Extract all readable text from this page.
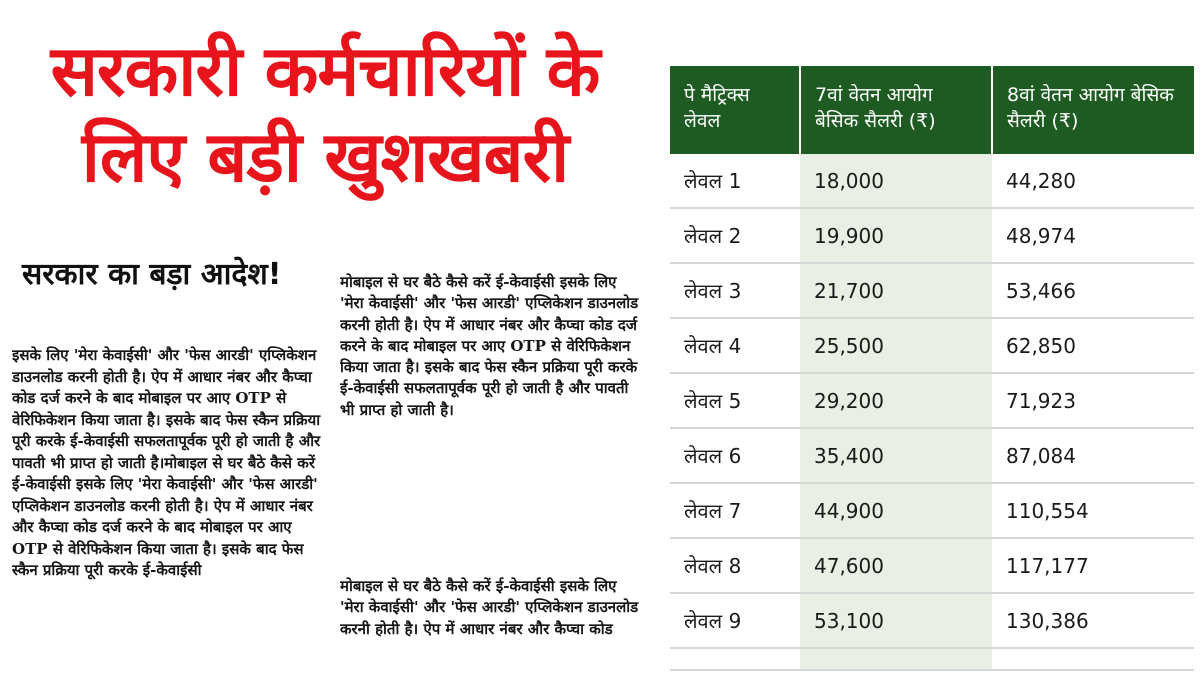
सरकारी कर्मचारियों के
लिए बड़ी खुशखबरी
सरकार का बड़ा आदेश!
इसके लिए 'मेरा केवाईसी' और 'फेस आरडी' एप्लिकेशन डाउनलोड करनी होती है। ऐप में आधार नंबर और कैप्चा कोड दर्ज करने के बाद मोबाइल पर आए OTP से वेरिफिकेशन किया जाता है। इसके बाद फेस स्कैन प्रक्रिया पूरी करके ई-केवाईसी सफलतापूर्वक पूरी हो जाती है और पावती भी प्राप्त हो जाती है।मोबाइल से घर बैठे कैसे करें ई-केवाईसी इसके लिए 'मेरा केवाईसी' और 'फेस आरडी' एप्लिकेशन डाउनलोड करनी होती है। ऐप में आधार नंबर और कैप्चा कोड दर्ज करने के बाद मोबाइल पर आए OTP से वेरिफिकेशन किया जाता है। इसके बाद फेस स्कैन प्रक्रिया पूरी करके ई-केवाईसी
मोबाइल से घर बैठे कैसे करें ई-केवाईसी इसके लिए 'मेरा केवाईसी' और 'फेस आरडी' एप्लिकेशन डाउनलोड करनी होती है। ऐप में आधार नंबर और कैप्चा कोड दर्ज करने के बाद मोबाइल पर आए OTP से वेरिफिकेशन किया जाता है। इसके बाद फेस स्कैन प्रक्रिया पूरी करके ई-केवाईसी सफलतापूर्वक पूरी हो जाती है और पावती भी प्राप्त हो जाती है।
मोबाइल से घर बैठे कैसे करें ई-केवाईसी इसके लिए 'मेरा केवाईसी' और 'फेस आरडी' एप्लिकेशन डाउनलोड करनी होती है। ऐप में आधार नंबर और कैप्चा कोड
पे मैट्रिक्स लेवल	7वां वेतन आयोग बेसिक सैलरी (₹)	8वां वेतन आयोग बेसिक सैलरी (₹)
लेवल 1	18,000	44,280
लेवल 2	19,900	48,974
लेवल 3	21,700	53,466
लेवल 4	25,500	62,850
लेवल 5	29,200	71,923
लेवल 6	35,400	87,084
लेवल 7	44,900	110,554
लेवल 8	47,600	117,177
लेवल 9	53,100	130,386
